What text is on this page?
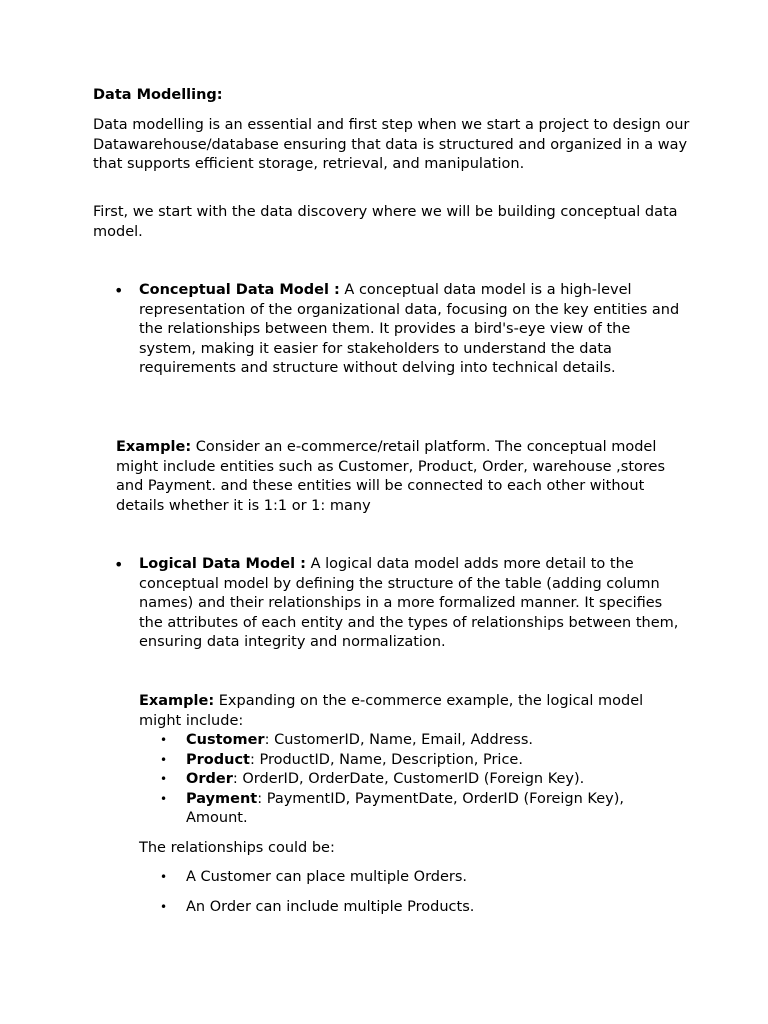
Data Modelling:

Data modelling is an essential and first step when we start a project to design our Datawarehouse/database ensuring that data is structured and organized in a way that supports efficient storage, retrieval, and manipulation.

First, we start with the data discovery where we will be building conceptual data model.

• Conceptual Data Model : A conceptual data model is a high-level representation of the organizational data, focusing on the key entities and the relationships between them. It provides a bird's-eye view of the system, making it easier for stakeholders to understand the data requirements and structure without delving into technical details.
Example: Consider an e-commerce/retail platform. The conceptual model might include entities such as Customer, Product, Order, warehouse ,stores and Payment. and these entities will be connected to each other without details whether it is 1:1 or 1: many
• Logical Data Model : A logical data model adds more detail to the conceptual model by defining the structure of the table (adding column names) and their relationships in a more formalized manner. It specifies the attributes of each entity and the types of relationships between them, ensuring data integrity and normalization.
Example: Expanding on the e-commerce example, the logical model might include:
• Customer: CustomerID, Name, Email, Address.
• Product: ProductID, Name, Description, Price.
• Order: OrderID, OrderDate, CustomerID (Foreign Key).
• Payment: PaymentID, PaymentDate, OrderID (Foreign Key), Amount.

The relationships could be:

• A Customer can place multiple Orders.
• An Order can include multiple Products.
